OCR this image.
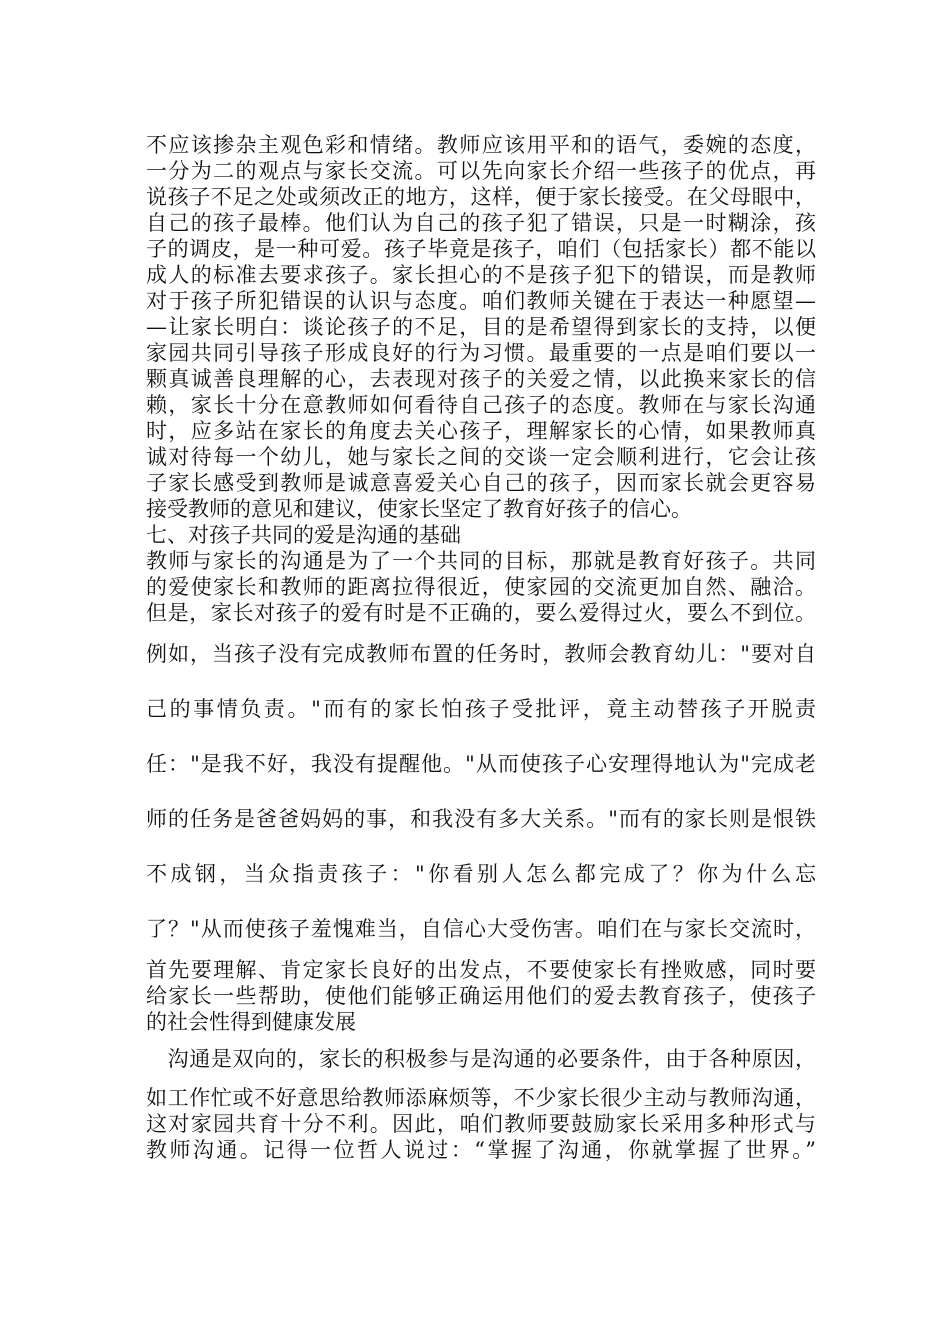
不应该掺杂主观色彩和情绪。教师应该用平和的语气，委婉的态度，

一分为二的观点与家长交流。可以先向家长介绍一些孩子的优点，再

说孩子不足之处或须改正的地方，这样，便于家长接受。在父母眼中，

自己的孩子最棒。他们认为自己的孩子犯了错误，只是一时糊涂，孩

子的调皮，是一种可爱。孩子毕竟是孩子，咱们（包括家长）都不能以

成人的标准去要求孩子。家长担心的不是孩子犯下的错误，而是教师

对于孩子所犯错误的认识与态度。咱们教师关键在于表达一种愿望—

—让家长明白：谈论孩子的不足，目的是希望得到家长的支持，以便

家园共同引导孩子形成良好的行为习惯。最重要的一点是咱们要以一

颗真诚善良理解的心，去表现对孩子的关爱之情，以此换来家长的信

赖，家长十分在意教师如何看待自己孩子的态度。教师在与家长沟通

时，应多站在家长的角度去关心孩子，理解家长的心情，如果教师真

诚对待每一个幼儿，她与家长之间的交谈一定会顺利进行，它会让孩

子家长感受到教师是诚意喜爱关心自己的孩子，因而家长就会更容易

接受教师的意见和建议，使家长坚定了教育好孩子的信心。

七、对孩子共同的爱是沟通的基础

教师与家长的沟通是为了一个共同的目标，那就是教育好孩子。共同

的爱使家长和教师的距离拉得很近，使家园的交流更加自然、融洽。

但是，家长对孩子的爱有时是不正确的，要么爱得过火，要么不到位。

例如，当孩子没有完成教师布置的任务时，教师会教育幼儿："要对自

己的事情负责。"而有的家长怕孩子受批评，竟主动替孩子开脱责

任："是我不好，我没有提醒他。"从而使孩子心安理得地认为"完成老

师的任务是爸爸妈妈的事，和我没有多大关系。"而有的家长则是恨铁

不成钢，当众指责孩子："你看别人怎么都完成了？你为什么忘

了？"从而使孩子羞愧难当，自信心大受伤害。咱们在与家长交流时，

首先要理解、肯定家长良好的出发点，不要使家长有挫败感，同时要

给家长一些帮助，使他们能够正确运用他们的爱去教育孩子，使孩子

的社会性得到健康发展

　沟通是双向的，家长的积极参与是沟通的必要条件，由于各种原因，

如工作忙或不好意思给教师添麻烦等，不少家长很少主动与教师沟通，

这对家园共育十分不利。因此，咱们教师要鼓励家长采用多种形式与

教师沟通。记得一位哲人说过：“掌握了沟通，你就掌握了世界。”
